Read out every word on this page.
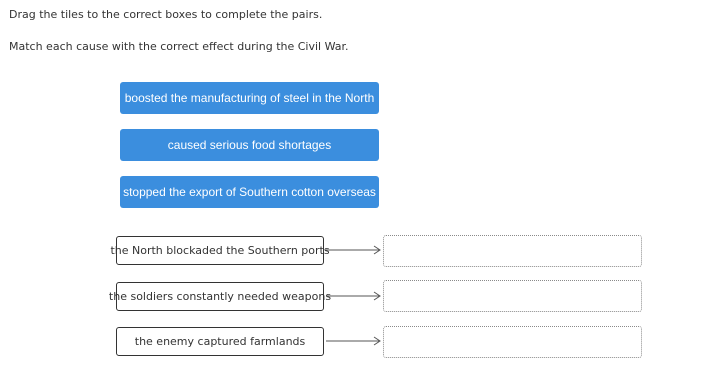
Drag the tiles to the correct boxes to complete the pairs.
Match each cause with the correct effect during the Civil War.
boosted the manufacturing of steel in the North
caused serious food shortages
stopped the export of Southern cotton overseas
the North blockaded the Southern ports
the soldiers constantly needed weapons
the enemy captured farmlands
